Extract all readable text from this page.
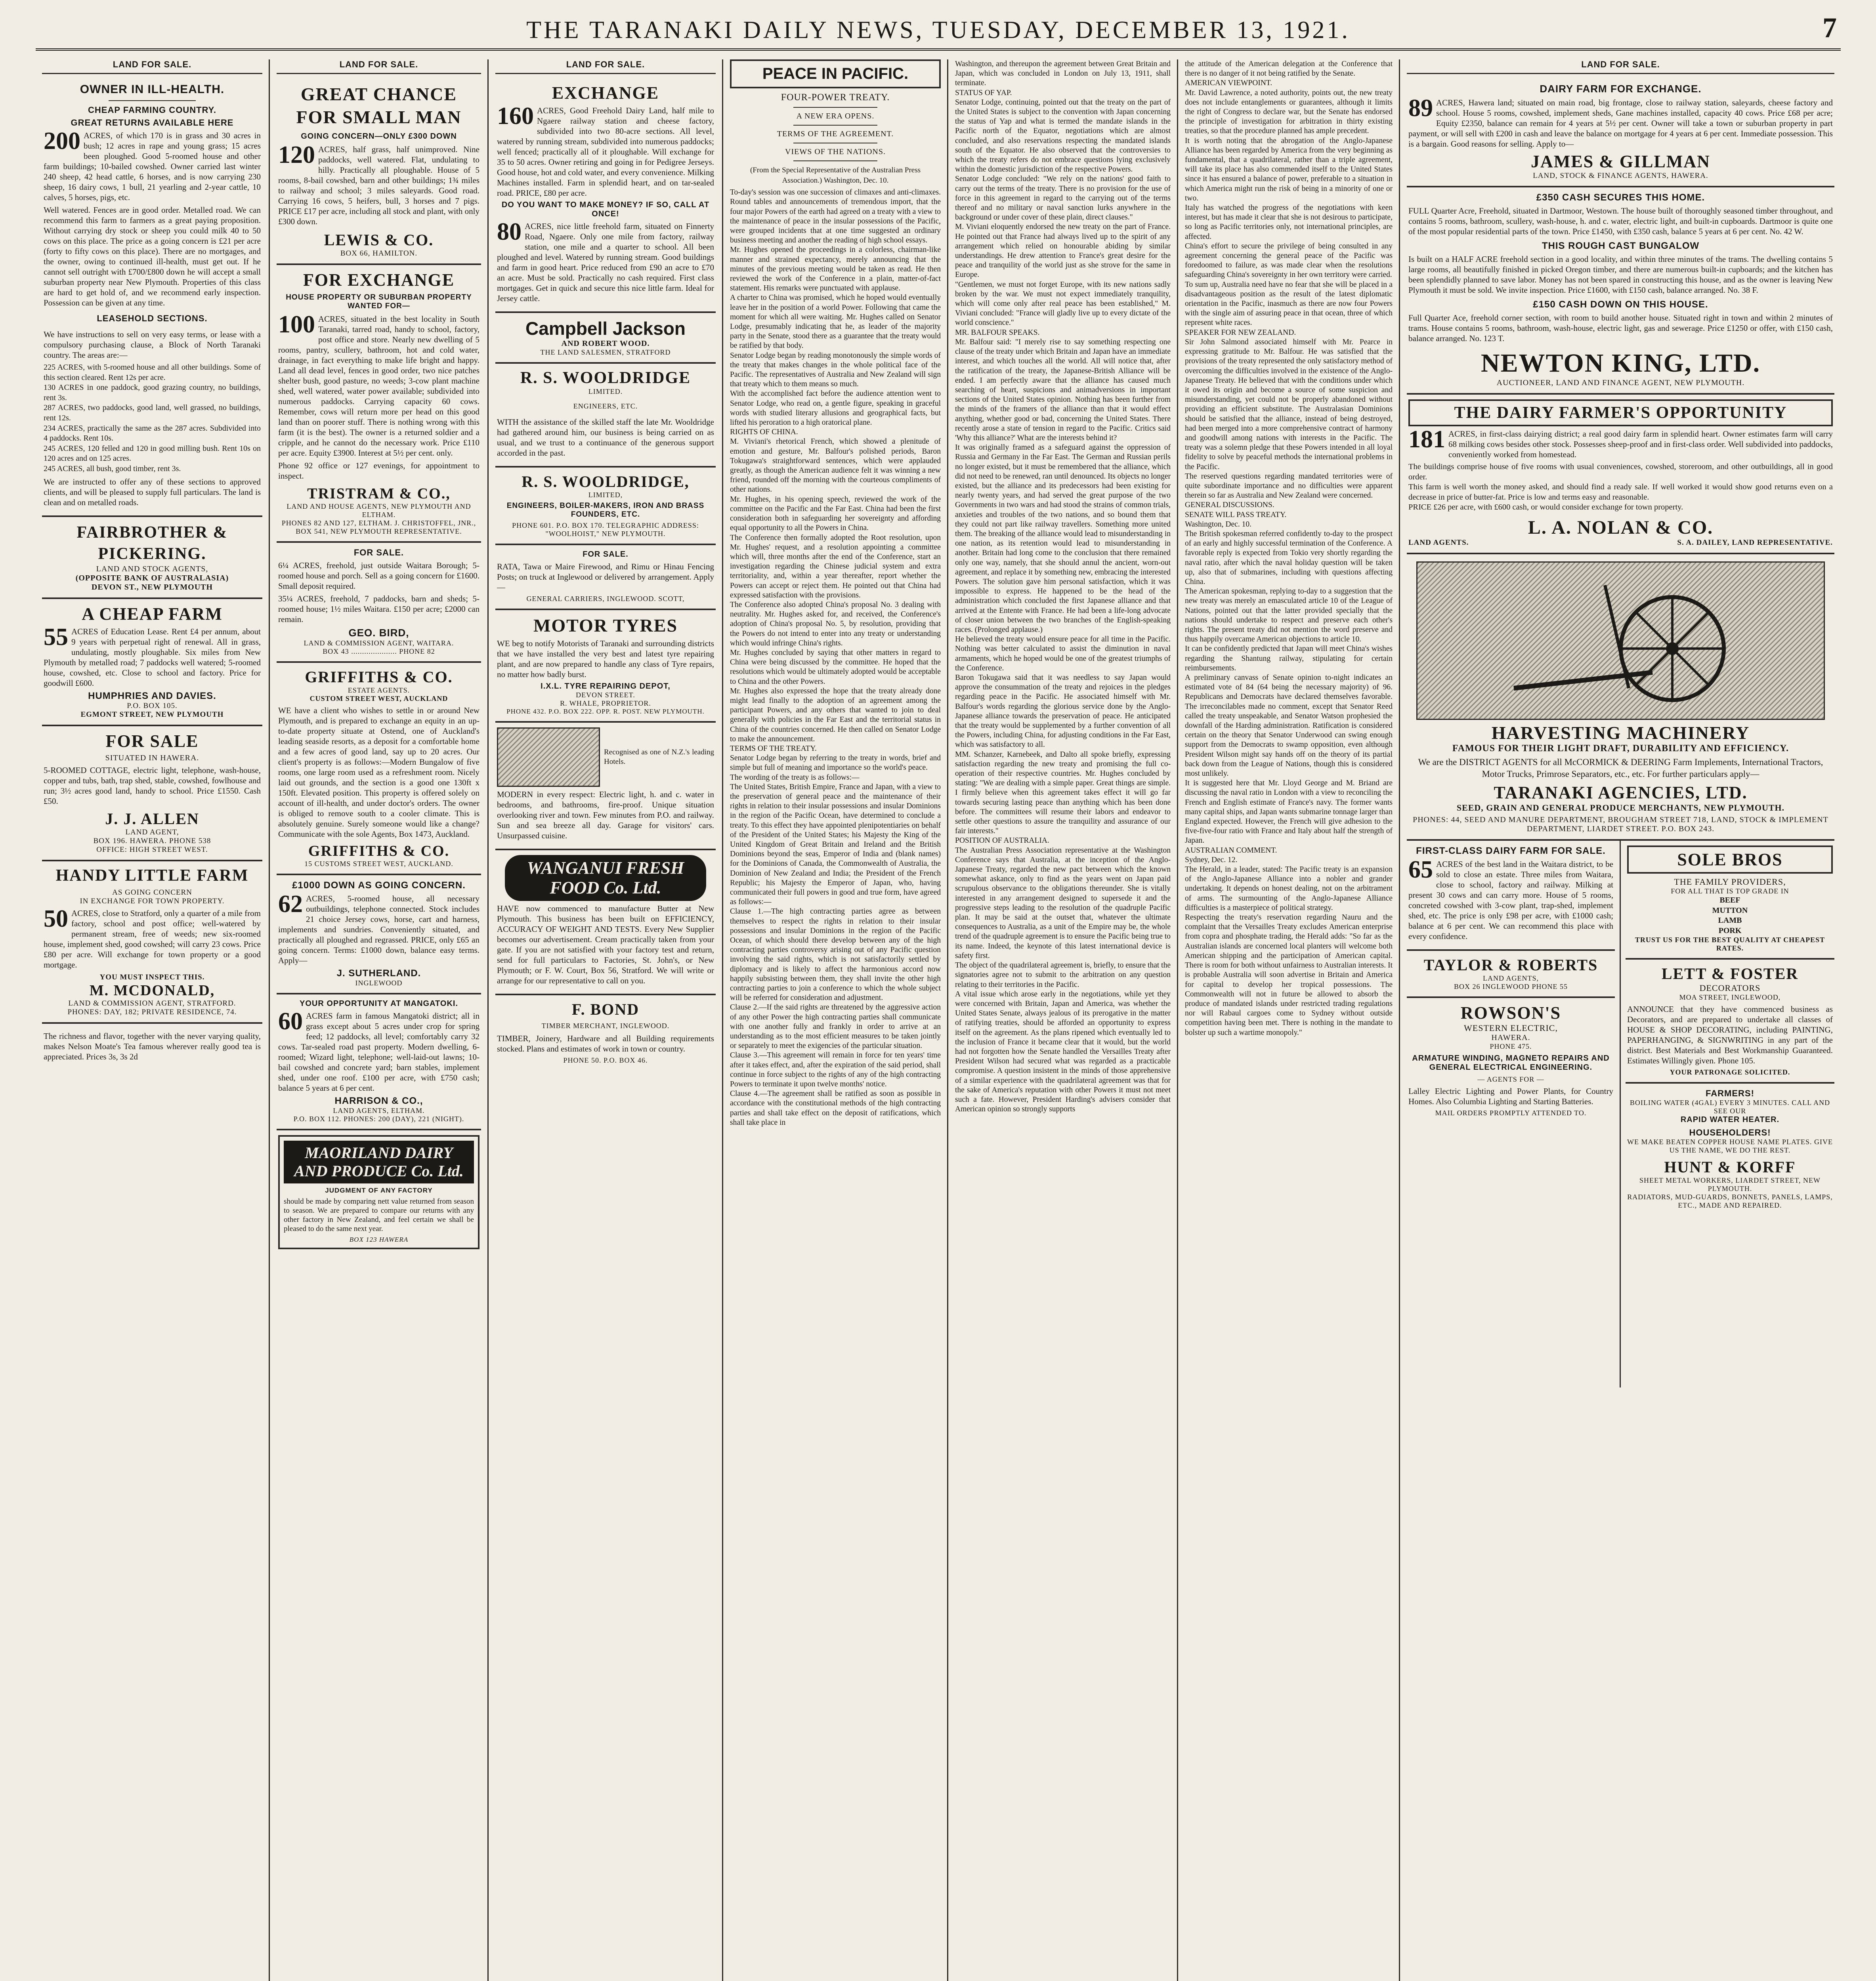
THE TARANAKI DAILY NEWS, TUESDAY, DECEMBER 13, 1921.	7
LAND FOR SALE.
OWNER IN ILL-HEALTH.
CHEAP FARMING COUNTRY.
GREAT RETURNS AVAILABLE HERE

200 ACRES, of which 170 is in grass and 30 acres in bush; 12 acres in rape and young grass; 15 acres been ploughed. Good 5-roomed house and other farm buildings; 10-bailed cowshed. Owner carried last winter 240 sheep, 42 head cattle, 6 horses, and is now carrying 230 sheep, 16 dairy cows, 1 bull, 21 yearling and 2-year cattle, 10 calves, 5 horses, pigs, etc.

Well watered. Fences are in good order. Metalled road. We can recommend this farm to farmers as a great paying proposition. Without carrying dry stock or sheep you could milk 40 to 50 cows on this place. The price as a going concern is £21 per acre (forty to fifty cows on this place). There are no mortgages, and the owner, owing to continued ill-health, must get out. If he cannot sell outright with £700/£800 down he will accept a small suburban property near New Plymouth. Properties of this class are hard to get hold of, and we recommend early inspection. Possession can be given at any time.

LEASEHOLD SECTIONS.

We have instructions to sell on very easy terms, or lease with a compulsory purchasing clause, a Block of North Taranaki country. The areas are:—

225 ACRES, with 5-roomed house and all other buildings. Some of this section cleared. Rent 12s per acre.
130 ACRES in one paddock, good grazing country, no buildings, rent 3s.
287 ACRES, two paddocks, good land, well grassed, no buildings, rent 12s.
234 ACRES, practically the same as the 287 acres. Subdivided into 4 paddocks. Rent 10s.
245 ACRES, 120 felled and 120 in good milling bush. Rent 10s on 120 acres and on 125 acres.
245 ACRES, all bush, good timber, rent 3s.

We are instructed to offer any of these sections to approved clients, and will be pleased to supply full particulars. The land is clean and on metalled roads.

FAIRBROTHER & PICKERING.
LAND AND STOCK AGENTS,
(OPPOSITE BANK OF AUSTRALASIA)
DEVON ST., NEW PLYMOUTH
A CHEAP FARM

55 ACRES of Education Lease. Rent £4 per annum, about 9 years with perpetual right of renewal. All in grass, undulating, mostly ploughable. Six miles from New Plymouth by metalled road; 7 paddocks well watered; 5-roomed house, cowshed, etc. Close to school and factory. Price for goodwill £600.

HUMPHRIES AND DAVIES.
P.O. BOX 105.
EGMONT STREET, NEW PLYMOUTH
FOR SALE
SITUATED IN HAWERA.

5-ROOMED COTTAGE, electric light, telephone, wash-house, copper and tubs, bath, trap shed, stable, cowshed, fowlhouse and run; 3½ acres good land, handy to school. Price £1550. Cash £50.

J. J. ALLEN
LAND AGENT,
BOX 196. HAWERA. PHONE 538
OFFICE: HIGH STREET WEST.
HANDY LITTLE FARM
AS GOING CONCERN
IN EXCHANGE FOR TOWN PROPERTY.

50 ACRES, close to Stratford, only a quarter of a mile from factory, school and post office; well-watered by permanent stream, free of weeds; new six-roomed house, implement shed, good cowshed; will carry 23 cows. Price £80 per acre. Will exchange for town property or a good mortgage.

YOU MUST INSPECT THIS.
M. MCDONALD,
LAND & COMMISSION AGENT, STRATFORD.
PHONES: DAY, 182; PRIVATE RESIDENCE, 74.

The richness and flavor, together with the never varying quality, makes Nelson Moate's Tea famous wherever really good tea is appreciated. Prices 3s, 3s 2d

LAND FOR SALE.
GREAT CHANCE FOR SMALL MAN
GOING CONCERN—ONLY £300 DOWN

120 ACRES, half grass, half unimproved. Nine paddocks, well watered. Flat, undulating to hilly. Practically all ploughable. House of 5 rooms, 8-bail cowshed, barn and other buildings; 1¾ miles to railway and school; 3 miles saleyards. Good road. Carrying 16 cows, 5 heifers, bull, 3 horses and 7 pigs. PRICE £17 per acre, including all stock and plant, with only £300 down.

LEWIS & CO.
BOX 66, HAMILTON.
FOR EXCHANGE
HOUSE PROPERTY OR SUBURBAN PROPERTY WANTED FOR—

100 ACRES, situated in the best locality in South Taranaki, tarred road, handy to school, factory, post office and store. Nearly new dwelling of 5 rooms, pantry, scullery, bathroom, hot and cold water, drainage, in fact everything to make life bright and happy. Land all dead level, fences in good order, two nice patches shelter bush, good pasture, no weeds; 3-cow plant machine shed, well watered, water power available; subdivided into numerous paddocks. Carrying capacity 60 cows. Remember, cows will return more per head on this good land than on poorer stuff. There is nothing wrong with this farm (it is the best). The owner is a returned soldier and a cripple, and he cannot do the necessary work. Price £110 per acre. Equity £3900. Interest at 5½ per cent. only.

Phone 92 office or 127 evenings, for appointment to inspect.

TRISTRAM & CO.,
LAND AND HOUSE AGENTS, NEW PLYMOUTH AND ELTHAM.
PHONES 82 AND 127, ELTHAM. J. CHRISTOFFEL, JNR., BOX 541, NEW PLYMOUTH REPRESENTATIVE.
FOR SALE.

6¼ ACRES, freehold, just outside Waitara Borough; 5-roomed house and porch. Sell as a going concern for £1600. Small deposit required.

35¼ ACRES, freehold, 7 paddocks, barn and sheds; 5-roomed house; 1½ miles Waitara. £150 per acre; £2000 can remain.

GEO. BIRD,
LAND & COMMISSION AGENT, WAITARA.
BOX 43 ..................... PHONE 82
GRIFFITHS & CO.
ESTATE AGENTS.
CUSTOM STREET WEST, AUCKLAND

WE have a client who wishes to settle in or around New Plymouth, and is prepared to exchange an equity in an up-to-date property situate at Ostend, one of Auckland's leading seaside resorts, as a deposit for a comfortable home and a few acres of good land, say up to 20 acres. Our client's property is as follows:—Modern Bungalow of five rooms, one large room used as a refreshment room. Nicely laid out grounds, and the section is a good one 130ft x 150ft. Elevated position. This property is offered solely on account of ill-health, and under doctor's orders. The owner is obliged to remove south to a cooler climate. This is absolutely genuine. Surely someone would like a change? Communicate with the sole Agents, Box 1473, Auckland.

GRIFFITHS & CO.
15 CUSTOMS STREET WEST, AUCKLAND.
£1000 DOWN AS GOING CONCERN.

62 ACRES, 5-roomed house, all necessary outbuildings, telephone connected. Stock includes 21 choice Jersey cows, horse, cart and harness, implements and sundries. Conveniently situated, and practically all ploughed and regrassed. PRICE, only £65 an going concern. Terms: £1000 down, balance easy terms. Apply—

J. SUTHERLAND.
INGLEWOOD
YOUR OPPORTUNITY AT MANGATOKI.

60 ACRES farm in famous Mangatoki district; all in grass except about 5 acres under crop for spring feed; 12 paddocks, all level; comfortably carry 32 cows. Tar-sealed road past property. Modern dwelling, 6-roomed; Wizard light, telephone; well-laid-out lawns; 10-bail cowshed and concrete yard; barn stables, implement shed, under one roof. £100 per acre, with £750 cash; balance 5 years at 6 per cent.

HARRISON & CO.,
LAND AGENTS, ELTHAM.
P.O. BOX 112. PHONES: 200 (DAY), 221 (NIGHT).
MAORILAND DAIRY AND PRODUCE Co. Ltd.
JUDGMENT OF ANY FACTORY

should be made by comparing nett value returned from season to season. We are prepared to compare our returns with any other factory in New Zealand, and feel certain we shall be pleased to do the same next year.

BOX 123 HAWERA
LAND FOR SALE.
EXCHANGE

160 ACRES, Good Freehold Dairy Land, half mile to Ngaere railway station and cheese factory, subdivided into two 80-acre sections. All level, watered by running stream, subdivided into numerous paddocks; well fenced; practically all of it ploughable. Will exchange for 35 to 50 acres. Owner retiring and going in for Pedigree Jerseys. Good house, hot and cold water, and every convenience. Milking Machines installed. Farm in splendid heart, and on tar-sealed road. PRICE, £80 per acre.

DO YOU WANT TO MAKE MONEY? IF SO, CALL AT ONCE!

80 ACRES, nice little freehold farm, situated on Finnerty Road, Ngaere. Only one mile from factory, railway station, one mile and a quarter to school. All been ploughed and level. Watered by running stream. Good buildings and farm in good heart. Price reduced from £90 an acre to £70 an acre. Must be sold. Practically no cash required. First class mortgages. Get in quick and secure this nice little farm. Ideal for Jersey cattle.

Campbell Jackson
AND ROBERT WOOD.
THE LAND SALESMEN, STRATFORD
R. S. WOOLDRIDGE
LIMITED.
ENGINEERS, ETC.

WITH the assistance of the skilled staff the late Mr. Wooldridge had gathered around him, our business is being carried on as usual, and we trust to a continuance of the generous support accorded in the past.

R. S. WOOLDRIDGE,
LIMITED,
ENGINEERS, BOILER-MAKERS, IRON AND BRASS FOUNDERS, ETC.
PHONE 601. P.O. BOX 170. TELEGRAPHIC ADDRESS: "WOOLHOIST," NEW PLYMOUTH.
FOR SALE.

RATA, Tawa or Maire Firewood, and Rimu or Hinau Fencing Posts; on truck at Inglewood or delivered by arrangement. Apply—

GENERAL CARRIERS, INGLEWOOD. SCOTT,
MOTOR TYRES

WE beg to notify Motorists of Taranaki and surrounding districts that we have installed the very best and latest tyre repairing plant, and are now prepared to handle any class of Tyre repairs, no matter how badly burst.

I.X.L. TYRE REPAIRING DEPOT,
DEVON STREET.
R. WHALE, PROPRIETOR.
PHONE 432. P.O. BOX 222. OPP. R. POST. NEW PLYMOUTH.
Recognised as one of N.Z.'s leading Hotels.

MODERN in every respect: Electric light, h. and c. water in bedrooms, and bathrooms, fire-proof. Unique situation overlooking river and town. Few minutes from P.O. and railway. Sun and sea breeze all day. Garage for visitors' cars. Unsurpassed cuisine.

WANGANUI FRESH FOOD Co. Ltd.

HAVE now commenced to manufacture Butter at New Plymouth. This business has been built on EFFICIENCY, ACCURACY OF WEIGHT AND TESTS. Every New Supplier becomes our advertisement. Cream practically taken from your gate. If you are not satisfied with your factory test and return, send for full particulars to Factories, St. John's, or New Plymouth; or F. W. Court, Box 56, Stratford. We will write or arrange for our representative to call on you.

F. BOND
TIMBER MERCHANT, INGLEWOOD.

TIMBER, Joinery, Hardware and all Building requirements stocked. Plans and estimates of work in town or country.

PHONE 50. P.O. BOX 46.
PEACE IN PACIFIC.
FOUR-POWER TREATY.
A NEW ERA OPENS.
TERMS OF THE AGREEMENT.
VIEWS OF THE NATIONS.
(From the Special Representative of the Australian Press Association.) Washington, Dec. 10.
To-day's session was one succession of climaxes and anti-climaxes. Round tables and announcements of tremendous import, that the four major Powers of the earth had agreed on a treaty with a view to the maintenance of peace in the insular possessions of the Pacific, were grouped incidents that at one time suggested an ordinary business meeting and another the reading of high school essays.
Mr. Hughes opened the proceedings in a colorless, chairman-like manner and strained expectancy, merely announcing that the minutes of the previous meeting would be taken as read. He then reviewed the work of the Conference in a plain, matter-of-fact statement. His remarks were punctuated with applause.
A charter to China was promised, which he hoped would eventually leave her in the position of a world Power. Following that came the moment for which all were waiting. Mr. Hughes called on Senator Lodge, presumably indicating that he, as leader of the majority party in the Senate, stood there as a guarantee that the treaty would be ratified by that body.
Senator Lodge began by reading monotonously the simple words of the treaty that makes changes in the whole political face of the Pacific. The representatives of Australia and New Zealand will sign that treaty which to them means so much.
With the accomplished fact before the audience attention went to Senator Lodge, who read on, a gentle figure, speaking in graceful words with studied literary allusions and geographical facts, but lifted his peroration to a high oratorical plane.
RIGHTS OF CHINA.
M. Viviani's rhetorical French, which showed a plenitude of emotion and gesture, Mr. Balfour's polished periods, Baron Tokugawa's straightforward sentences, which were applauded greatly, as though the American audience felt it was winning a new friend, rounded off the morning with the courteous compliments of other nations.
Mr. Hughes, in his opening speech, reviewed the work of the committee on the Pacific and the Far East. China had been the first consideration both in safeguarding her sovereignty and affording equal opportunity to all the Powers in China.
The Conference then formally adopted the Root resolution, upon Mr. Hughes' request, and a resolution appointing a committee which will, three months after the end of the Conference, start an investigation regarding the Chinese judicial system and extra territoriality, and, within a year thereafter, report whether the Powers can accept or reject them. He pointed out that China had expressed satisfaction with the provisions.
The Conference also adopted China's proposal No. 3 dealing with neutrality. Mr. Hughes asked for, and received, the Conference's adoption of China's proposal No. 5, by resolution, providing that the Powers do not intend to enter into any treaty or understanding which would infringe China's rights.
Mr. Hughes concluded by saying that other matters in regard to China were being discussed by the committee. He hoped that the resolutions which would be ultimately adopted would be acceptable to China and the other Powers.
Mr. Hughes also expressed the hope that the treaty already done might lead finally to the adoption of an agreement among the participant Powers, and any others that wanted to join to deal generally with policies in the Far East and the territorial status in China of the countries concerned. He then called on Senator Lodge to make the announcement.
TERMS OF THE TREATY.
Senator Lodge began by referring to the treaty in words, brief and simple but full of meaning and importance so the world's peace.
The wording of the treaty is as follows:—
The United States, British Empire, France and Japan, with a view to the preservation of general peace and the maintenance of their rights in relation to their insular possessions and insular Dominions in the region of the Pacific Ocean, have determined to conclude a treaty. To this effect they have appointed plenipotentiaries on behalf of the President of the United States; his Majesty the King of the United Kingdom of Great Britain and Ireland and the British Dominions beyond the seas, Emperor of India and (blank names) for the Dominions of Canada, the Commonwealth of Australia, the Dominion of New Zealand and India; the President of the French Republic; his Majesty the Emperor of Japan, who, having communicated their full powers in good and true form, have agreed as follows:—
Clause 1.—The high contracting parties agree as between themselves to respect the rights in relation to their insular possessions and insular Dominions in the region of the Pacific Ocean, of which should there develop between any of the high contracting parties controversy arising out of any Pacific question involving the said rights, which is not satisfactorily settled by diplomacy and is likely to affect the harmonious accord now happily subsisting between them, they shall invite the other high contracting parties to join a conference to which the whole subject will be referred for consideration and adjustment.
Clause 2.—If the said rights are threatened by the aggressive action of any other Power the high contracting parties shall communicate with one another fully and frankly in order to arrive at an understanding as to the most efficient measures to be taken jointly or separately to meet the exigencies of the particular situation.
Clause 3.—This agreement will remain in force for ten years' time after it takes effect, and, after the expiration of the said period, shall continue in force subject to the rights of any of the high contracting Powers to terminate it upon twelve months' notice.
Clause 4.—The agreement shall be ratified as soon as possible in accordance with the constitutional methods of the high contracting parties and shall take effect on the deposit of ratifications, which shall take place in
Washington, and thereupon the agreement between Great Britain and Japan, which was concluded in London on July 13, 1911, shall terminate.
STATUS OF YAP.
Senator Lodge, continuing, pointed out that the treaty on the part of the United States is subject to the convention with Japan concerning the status of Yap and what is termed the mandate islands in the Pacific north of the Equator, negotiations which are almost concluded, and also reservations respecting the mandated islands south of the Equator. He also observed that the controversies to which the treaty refers do not embrace questions lying exclusively within the domestic jurisdiction of the respective Powers.
Senator Lodge concluded: "We rely on the nations' good faith to carry out the terms of the treaty. There is no provision for the use of force in this agreement in regard to the carrying out of the terms thereof and no military or naval sanction lurks anywhere in the background or under cover of these plain, direct clauses."
M. Viviani eloquently endorsed the new treaty on the part of France. He pointed out that France had always lived up to the spirit of any arrangement which relied on honourable abiding by similar understandings. He drew attention to France's great desire for the peace and tranquility of the world just as she strove for the same in Europe.
"Gentlemen, we must not forget Europe, with its new nations sadly broken by the war. We must not expect immediately tranquility, which will come only after real peace has been established," M. Viviani concluded: "France will gladly live up to every dictate of the world conscience."
MR. BALFOUR SPEAKS.
Mr. Balfour said: "I merely rise to say something respecting one clause of the treaty under which Britain and Japan have an immediate interest, and which touches all the world. All will notice that, after the ratification of the treaty, the Japanese-British Alliance will be ended. I am perfectly aware that the alliance has caused much searching of heart, suspicions and animadversions in important sections of the United States opinion. Nothing has been further from the minds of the framers of the alliance than that it would effect anything, whether good or bad, concerning the United States. There recently arose a state of tension in regard to the Pacific. Critics said 'Why this alliance?' What are the interests behind it?
It was originally framed as a safeguard against the oppression of Russia and Germany in the Far East. The German and Russian perils no longer existed, but it must be remembered that the alliance, which did not need to be renewed, ran until denounced. Its objects no longer existed, but the alliance and its predecessors had been existing for nearly twenty years, and had served the great purpose of the two Governments in two wars and had stood the strains of common trials, anxieties and troubles of the two nations, and so bound them that they could not part like railway travellers. Something more united them. The breaking of the alliance would lead to misunderstanding in one nation, as its retention would lead to misunderstanding in another. Britain had long come to the conclusion that there remained only one way, namely, that she should annul the ancient, worn-out agreement, and replace it by something new, embracing the interested Powers. The solution gave him personal satisfaction, which it was impossible to express. He happened to be the head of the administration which concluded the first Japanese alliance and that arrived at the Entente with France. He had been a life-long advocate of closer union between the two branches of the English-speaking races. (Prolonged applause.)
He believed the treaty would ensure peace for all time in the Pacific. Nothing was better calculated to assist the diminution in naval armaments, which he hoped would be one of the greatest triumphs of the Conference.
Baron Tokugawa said that it was needless to say Japan would approve the consummation of the treaty and rejoices in the pledges regarding peace in the Pacific. He associated himself with Mr. Balfour's words regarding the glorious service done by the Anglo-Japanese alliance towards the preservation of peace. He anticipated that the treaty would be supplemented by a further convention of all the Powers, including China, for adjusting conditions in the Far East, which was satisfactory to all.
MM. Schanzer, Karnebeek, and Dalto all spoke briefly, expressing satisfaction regarding the new treaty and promising the full co-operation of their respective countries. Mr. Hughes concluded by stating: "We are dealing with a simple paper. Great things are simple. I firmly believe when this agreement takes effect it will go far towards securing lasting peace than anything which has been done before. The committees will resume their labors and endeavor to settle other questions to assure the tranquility and assurance of our fair interests."
POSITION OF AUSTRALIA.
The Australian Press Association representative at the Washington Conference says that Australia, at the inception of the Anglo-Japanese Treaty, regarded the new pact between which the known somewhat askance, only to find as the years went on Japan paid scrupulous observance to the obligations thereunder. She is vitally interested in any arrangement designed to supersede it and the progressive steps leading to the resolution of the quadruple Pacific plan. It may be said at the outset that, whatever the ultimate consequences to Australia, as a unit of the Empire may be, the whole trend of the quadruple agreement is to ensure the Pacific being true to its name. Indeed, the keynote of this latest international device is safety first.
The object of the quadrilateral agreement is, briefly, to ensure that the signatories agree not to submit to the arbitration on any question relating to their territories in the Pacific.
A vital issue which arose early in the negotiations, while yet they were concerned with Britain, Japan and America, was whether the United States Senate, always jealous of its prerogative in the matter of ratifying treaties, should be afforded an opportunity to express itself on the agreement. As the plans ripened which eventually led to the inclusion of France it became clear that it would, but the world had not forgotten how the Senate handled the Versailles Treaty after President Wilson had secured what was regarded as a practicable compromise. A question insistent in the minds of those apprehensive of a similar experience with the quadrilateral agreement was that for the sake of America's reputation with other Powers it must not meet such a fate. However, President Harding's advisers consider that American opinion so strongly supports
the attitude of the American delegation at the Conference that there is no danger of it not being ratified by the Senate.
AMERICAN VIEWPOINT.
Mr. David Lawrence, a noted authority, points out, the new treaty does not include entanglements or guarantees, although it limits the right of Congress to declare war, but the Senate has endorsed the principle of investigation for arbitration in thirty existing treaties, so that the procedure planned has ample precedent.
It is worth noting that the abrogation of the Anglo-Japanese Alliance has been regarded by America from the very beginning as fundamental, that a quadrilateral, rather than a triple agreement, will take its place has also commended itself to the United States since it has ensured a balance of power, preferable to a situation in which America might run the risk of being in a minority of one or two.
Italy has watched the progress of the negotiations with keen interest, but has made it clear that she is not desirous to participate, so long as Pacific territories only, not international principles, are affected.
China's effort to secure the privilege of being consulted in any agreement concerning the general peace of the Pacific was foredoomed to failure, as was made clear when the resolutions safeguarding China's sovereignty in her own territory were carried.
To sum up, Australia need have no fear that she will be placed in a disadvantageous position as the result of the latest diplomatic orientation in the Pacific, inasmuch as there are now four Powers with the single aim of assuring peace in that ocean, three of which represent white races.
SPEAKER FOR NEW ZEALAND.
Sir John Salmond associated himself with Mr. Pearce in expressing gratitude to Mr. Balfour. He was satisfied that the provisions of the treaty represented the only satisfactory method of overcoming the difficulties involved in the existence of the Anglo-Japanese Treaty. He believed that with the conditions under which it owed its origin and become a source of some suspicion and misunderstanding, yet could not be properly abandoned without providing an efficient substitute. The Australasian Dominions should be satisfied that the alliance, instead of being destroyed, had been merged into a more comprehensive contract of harmony and goodwill among nations with interests in the Pacific. The treaty was a solemn pledge that these Powers intended in all loyal fidelity to solve by peaceful methods the international problems in the Pacific.
The reserved questions regarding mandated territories were of quite subordinate importance and no difficulties were apparent therein so far as Australia and New Zealand were concerned.
GENERAL DISCUSSIONS.
SENATE WILL PASS TREATY.
Washington, Dec. 10.
The British spokesman referred confidently to-day to the prospect of an early and highly successful termination of the Conference. A favorable reply is expected from Tokio very shortly regarding the naval ratio, after which the naval holiday question will be taken up, also that of submarines, including with questions affecting China.
The American spokesman, replying to-day to a suggestion that the new treaty was merely an emasculated article 10 of the League of Nations, pointed out that the latter provided specially that the nations should undertake to respect and preserve each other's rights. The present treaty did not mention the word preserve and thus happily overcame American objections to article 10.
It can be confidently predicted that Japan will meet China's wishes regarding the Shantung railway, stipulating for certain reimbursements.
A preliminary canvass of Senate opinion to-night indicates an estimated vote of 84 (64 being the necessary majority) of 96. Republicans and Democrats have declared themselves favorable. The irreconcilables made no comment, except that Senator Reed called the treaty unspeakable, and Senator Watson prophesied the downfall of the Harding administration. Ratification is considered certain on the theory that Senator Underwood can swing enough support from the Democrats to swamp opposition, even although President Wilson might say hands off on the theory of its partial back down from the League of Nations, though this is considered most unlikely.
It is suggested here that Mr. Lloyd George and M. Briand are discussing the naval ratio in London with a view to reconciling the French and English estimate of France's navy. The former wants many capital ships, and Japan wants submarine tonnage larger than England expected. However, the French will give adhesion to the five-five-four ratio with France and Italy about half the strength of Japan.
AUSTRALIAN COMMENT.
Sydney, Dec. 12.
The Herald, in a leader, stated: The Pacific treaty is an expansion of the Anglo-Japanese Alliance into a nobler and grander undertaking. It depends on honest dealing, not on the arbitrament of arms. The surmounting of the Anglo-Japanese Alliance difficulties is a masterpiece of political strategy.
Respecting the treaty's reservation regarding Nauru and the complaint that the Versailles Treaty excludes American enterprise from copra and phosphate trading, the Herald adds: "So far as the Australian islands are concerned local planters will welcome both American shipping and the participation of American capital. There is room for both without unfairness to Australian interests. It is probable Australia will soon advertise in Britain and America for capital to develop her tropical possessions. The Commonwealth will not in future be allowed to absorb the produce of mandated islands under restricted trading regulations nor will Rabaul cargoes come to Sydney without outside competition having been met. There is nothing in the mandate to bolster up such a wartime monopoly."
LAND FOR SALE.
DAIRY FARM FOR EXCHANGE.

89 ACRES, Hawera land; situated on main road, big frontage, close to railway station, saleyards, cheese factory and school. House 5 rooms, cowshed, implement sheds, Gane machines installed, capacity 40 cows. Price £68 per acre; Equity £2350, balance can remain for 4 years at 5½ per cent. Owner will take a town or suburban property in part payment, or will sell with £200 in cash and leave the balance on mortgage for 4 years at 6 per cent. Immediate possession. This is a bargain. Good reasons for selling. Apply to—

JAMES & GILLMAN
LAND, STOCK & FINANCE AGENTS, HAWERA.
£350 CASH SECURES THIS HOME.

FULL Quarter Acre, Freehold, situated in Dartmoor, Westown. The house built of thoroughly seasoned timber throughout, and contains 5 rooms, bathroom, scullery, wash-house, h. and c. water, electric light, and built-in cupboards. Dartmoor is quite one of the most popular residential parts of the town. Price £1450, with £350 cash, balance 5 years at 6 per cent. No. 42 W.

THIS ROUGH CAST BUNGALOW

Is built on a HALF ACRE freehold section in a good locality, and within three minutes of the trams. The dwelling contains 5 large rooms, all beautifully finished in picked Oregon timber, and there are numerous built-in cupboards; and the kitchen has been splendidly planned to save labor. Money has not been spared in constructing this house, and as the owner is leaving New Plymouth it must be sold. We invite inspection. Price £1600, with £150 cash, balance arranged. No. 38 F.

£150 CASH DOWN ON THIS HOUSE.

Full Quarter Ace, freehold corner section, with room to build another house. Situated right in town and within 2 minutes of trams. House contains 5 rooms, bathroom, wash-house, electric light, gas and sewerage. Price £1250 or offer, with £150 cash, balance arranged. No. 123 T.

NEWTON KING, LTD.
AUCTIONEER, LAND AND FINANCE AGENT, NEW PLYMOUTH.
THE DAIRY FARMER'S OPPORTUNITY

181 ACRES, in first-class dairying district; a real good dairy farm in splendid heart. Owner estimates farm will carry 68 milking cows besides other stock. Possesses sheep-proof and in first-class order. Well subdivided into paddocks, conveniently worked from homestead.

The buildings comprise house of five rooms with usual conveniences, cowshed, storeroom, and other outbuildings, all in good order.
This farm is well worth the money asked, and should find a ready sale. If well worked it would show good returns even on a decrease in price of butter-fat. Price is low and terms easy and reasonable.
PRICE £26 per acre, with £600 cash, or would consider exchange for town property.
L. A. NOLAN & CO.
LAND AGENTS.	S. A. DAILEY, LAND REPRESENTATIVE.
HARVESTING MACHINERY
FAMOUS FOR THEIR LIGHT DRAFT, DURABILITY AND EFFICIENCY.

We are the DISTRICT AGENTS for all McCORMICK & DEERING Farm Implements, International Tractors, Motor Trucks, Primrose Separators, etc., etc. For further particulars apply—

TARANAKI AGENCIES, LTD.
SEED, GRAIN AND GENERAL PRODUCE MERCHANTS, NEW PLYMOUTH.
PHONES: 44, SEED AND MANURE DEPARTMENT, BROUGHAM STREET 718, LAND, STOCK & IMPLEMENT DEPARTMENT, LIARDET STREET. P.O. BOX 243.
FIRST-CLASS DAIRY FARM FOR SALE.

65 ACRES of the best land in the Waitara district, to be sold to close an estate. Three miles from Waitara, close to school, factory and railway. Milking at present 30 cows and can carry more. House of 5 rooms, concreted cowshed with 3-cow plant, trap-shed, implement shed, etc. The price is only £98 per acre, with £1000 cash; balance at 6 per cent. We can recommend this place with every confidence.

TAYLOR & ROBERTS
LAND AGENTS,
BOX 26 INGLEWOOD PHONE 55
ROWSON'S
WESTERN ELECTRIC,
HAWERA.
PHONE 475.
ARMATURE WINDING, MAGNETO REPAIRS AND GENERAL ELECTRICAL ENGINEERING.
— AGENTS FOR —

Lalley Electric Lighting and Power Plants, for Country Homes. Also Columbia Lighting and Starting Batteries.

MAIL ORDERS PROMPTLY ATTENDED TO.
SOLE BROS
THE FAMILY PROVIDERS,
FOR ALL THAT IS TOP GRADE IN
BEEF
MUTTON
LAMB
PORK
TRUST US FOR THE BEST QUALITY AT CHEAPEST RATES.
LETT & FOSTER
DECORATORS
MOA STREET, INGLEWOOD,

ANNOUNCE that they have commenced business as Decorators, and are prepared to undertake all classes of HOUSE & SHOP DECORATING, including PAINTING, PAPERHANGING, & SIGNWRITING in any part of the district. Best Materials and Best Workmanship Guaranteed. Estimates Willingly given. Phone 105.

YOUR PATRONAGE SOLICITED.
FARMERS!
BOILING WATER (4GAL) EVERY 3 MINUTES. CALL AND SEE OUR
RAPID WATER HEATER.
HOUSEHOLDERS!
WE MAKE BEATEN COPPER HOUSE NAME PLATES. GIVE US THE NAME, WE DO THE REST.
HUNT & KORFF
SHEET METAL WORKERS, LIARDET STREET, NEW PLYMOUTH.
RADIATORS, MUD-GUARDS, BONNETS, PANELS, LAMPS, ETC., MADE AND REPAIRED.
